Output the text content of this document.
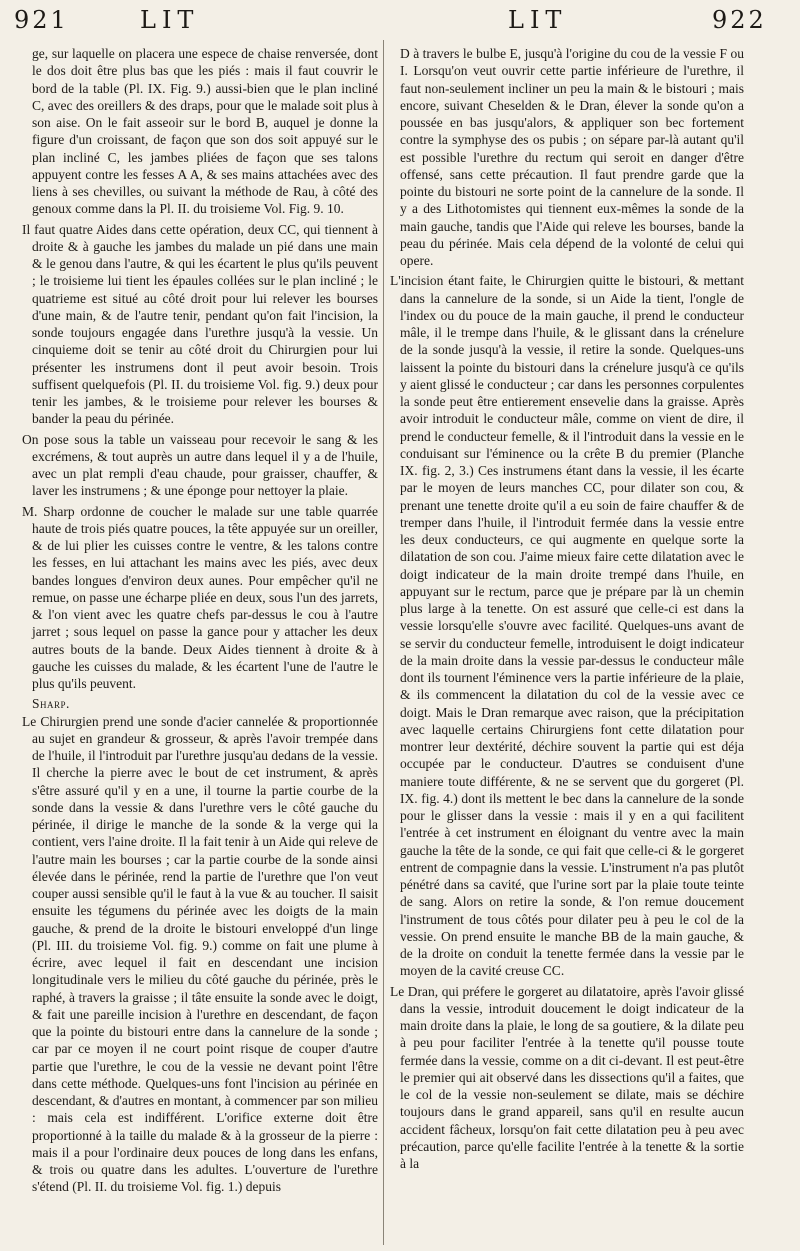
921	LIT	LIT	922

ge, sur laquelle on placera une espece de chaise renversée, dont le dos doit être plus bas que les piés : mais il faut couvrir le bord de la table (Pl. IX. Fig. 9.) aussi-bien que le plan incliné C, avec des oreillers & des draps, pour que le malade soit plus à son aise. On le fait asseoir sur le bord B, auquel je donne la figure d'un croissant, de façon que son dos soit appuyé sur le plan incliné C, les jambes pliées de façon que ses talons appuyent contre les fesses A A, & ses mains attachées avec des liens à ses chevilles, ou suivant la méthode de Rau, à côté des genoux comme dans la Pl. II. du troisieme Vol. Fig. 9. 10.

Il faut quatre Aides dans cette opération, deux CC, qui tiennent à droite & à gauche les jambes du malade un pié dans une main & le genou dans l'autre, & qui les écartent le plus qu'ils peuvent ; le troisieme lui tient les épaules collées sur le plan incliné ; le quatrieme est situé au côté droit pour lui relever les bourses d'une main, & de l'autre tenir, pendant qu'on fait l'incision, la sonde toujours engagée dans l'urethre jusqu'à la vessie. Un cinquieme doit se tenir au côté droit du Chirurgien pour lui présenter les instrumens dont il peut avoir besoin. Trois suffisent quelquefois (Pl. II. du troisieme Vol. fig. 9.) deux pour tenir les jambes, & le troisieme pour relever les bourses & bander la peau du périnée.

On pose sous la table un vaisseau pour recevoir le sang & les excrémens, & tout auprès un autre dans lequel il y a de l'huile, avec un plat rempli d'eau chaude, pour graisser, chauffer, & laver les instrumens ; & une éponge pour nettoyer la plaie.

M. Sharp ordonne de coucher le malade sur une table quarrée haute de trois piés quatre pouces, la tête appuyée sur un oreiller, & de lui plier les cuisses contre le ventre, & les talons contre les fesses, en lui attachant les mains avec les piés, avec deux bandes longues d'environ deux aunes. Pour empêcher qu'il ne remue, on passe une écharpe pliée en deux, sous l'un des jarrets, & l'on vient avec les quatre chefs par-dessus le cou à l'autre jarret ; sous lequel on passe la gance pour y attacher les deux autres bouts de la bande. Deux Aides tiennent à droite & à gauche les cuisses du malade, & les écartent l'une de l'autre le plus qu'ils peuvent.

Sharp.

Le Chirurgien prend une sonde d'acier cannelée & proportionnée au sujet en grandeur & grosseur, & après l'avoir trempée dans de l'huile, il l'introduit par l'urethre jusqu'au dedans de la vessie. Il cherche la pierre avec le bout de cet instrument, & après s'être assuré qu'il y en a une, il tourne la partie courbe de la sonde dans la vessie & dans l'urethre vers le côté gauche du périnée, il dirige le manche de la sonde & la verge qui la contient, vers l'aine droite. Il la fait tenir à un Aide qui releve de l'autre main les bourses ; car la partie courbe de la sonde ainsi élevée dans le périnée, rend la partie de l'urethre que l'on veut couper aussi sensible qu'il le faut à la vue & au toucher. Il saisit ensuite les tégumens du périnée avec les doigts de la main gauche, & prend de la droite le bistouri enveloppé d'un linge (Pl. III. du troisieme Vol. fig. 9.) comme on fait une plume à écrire, avec lequel il fait en descendant une incision longitudinale vers le milieu du côté gauche du périnée, près le raphé, à travers la graisse ; il tâte ensuite la sonde avec le doigt, & fait une pareille incision à l'urethre en descendant, de façon que la pointe du bistouri entre dans la cannelure de la sonde ; car par ce moyen il ne court point risque de couper d'autre partie que l'urethre, le cou de la vessie ne devant point l'être dans cette méthode. Quelques-uns font l'incision au périnée en descendant, & d'autres en montant, à commencer par son milieu : mais cela est indifférent. L'orifice externe doit être proportionné à la taille du malade & à la grosseur de la pierre : mais il a pour l'ordinaire deux pouces de long dans les enfans, & trois ou quatre dans les adultes. L'ouverture de l'urethre s'étend (Pl. II. du troisieme Vol. fig. 1.) depuis

D à travers le bulbe E, jusqu'à l'origine du cou de la vessie F ou I. Lorsqu'on veut ouvrir cette partie inférieure de l'urethre, il faut non-seulement incliner un peu la main & le bistouri ; mais encore, suivant Cheselden & le Dran, élever la sonde qu'on a poussée en bas jusqu'alors, & appliquer son bec fortement contre la symphyse des os pubis ; on sépare par-là autant qu'il est possible l'urethre du rectum qui seroit en danger d'être offensé, sans cette précaution. Il faut prendre garde que la pointe du bistouri ne sorte point de la cannelure de la sonde. Il y a des Lithotomistes qui tiennent eux-mêmes la sonde de la main gauche, tandis que l'Aide qui releve les bourses, bande la peau du périnée. Mais cela dépend de la volonté de celui qui opere.

L'incision étant faite, le Chirurgien quitte le bistouri, & mettant dans la cannelure de la sonde, si un Aide la tient, l'ongle de l'index ou du pouce de la main gauche, il prend le conducteur mâle, il le trempe dans l'huile, & le glissant dans la crénelure de la sonde jusqu'à la vessie, il retire la sonde. Quelques-uns laissent la pointe du bistouri dans la crénelure jusqu'à ce qu'ils y aient glissé le conducteur ; car dans les personnes corpulentes la sonde peut être entierement ensevelie dans la graisse. Après avoir introduit le conducteur mâle, comme on vient de dire, il prend le conducteur femelle, & il l'introduit dans la vessie en le conduisant sur l'éminence ou la crête B du premier (Planche IX. fig. 2, 3.) Ces instrumens étant dans la vessie, il les écarte par le moyen de leurs manches CC, pour dilater son cou, & prenant une tenette droite qu'il a eu soin de faire chauffer & de tremper dans l'huile, il l'introduit fermée dans la vessie entre les deux conducteurs, ce qui augmente en quelque sorte la dilatation de son cou. J'aime mieux faire cette dilatation avec le doigt indicateur de la main droite trempé dans l'huile, en appuyant sur le rectum, parce que je prépare par là un chemin plus large à la tenette. On est assuré que celle-ci est dans la vessie lorsqu'elle s'ouvre avec facilité. Quelques-uns avant de se servir du conducteur femelle, introduisent le doigt indicateur de la main droite dans la vessie par-dessus le conducteur mâle dont ils tournent l'éminence vers la partie inférieure de la plaie, & ils commencent la dilatation du col de la vessie avec ce doigt. Mais le Dran remarque avec raison, que la précipitation avec laquelle certains Chirurgiens font cette dilatation pour montrer leur dextérité, déchire souvent la partie qui est déja occupée par le conducteur. D'autres se conduisent d'une maniere toute différente, & ne se servent que du gorgeret (Pl. IX. fig. 4.) dont ils mettent le bec dans la cannelure de la sonde pour le glisser dans la vessie : mais il y en a qui facilitent l'entrée à cet instrument en éloignant du ventre avec la main gauche la tête de la sonde, ce qui fait que celle-ci & le gorgeret entrent de compagnie dans la vessie. L'instrument n'a pas plutôt pénétré dans sa cavité, que l'urine sort par la plaie toute teinte de sang. Alors on retire la sonde, & l'on remue doucement l'instrument de tous côtés pour dilater peu à peu le col de la vessie. On prend ensuite le manche BB de la main gauche, & de la droite on conduit la tenette fermée dans la vessie par le moyen de la cavité creuse CC.

Le Dran, qui préfere le gorgeret au dilatatoire, après l'avoir glissé dans la vessie, introduit doucement le doigt indicateur de la main droite dans la plaie, le long de sa goutiere, & la dilate peu à peu pour faciliter l'entrée à la tenette qu'il pousse toute fermée dans la vessie, comme on a dit ci-devant. Il est peut-être le premier qui ait observé dans les dissections qu'il a faites, que le col de la vessie non-seulement se dilate, mais se déchire toujours dans le grand appareil, sans qu'il en resulte aucun accident fâcheux, lorsqu'on fait cette dilatation peu à peu avec précaution, parce qu'elle facilite l'entrée à la tenette & la sortie à la
